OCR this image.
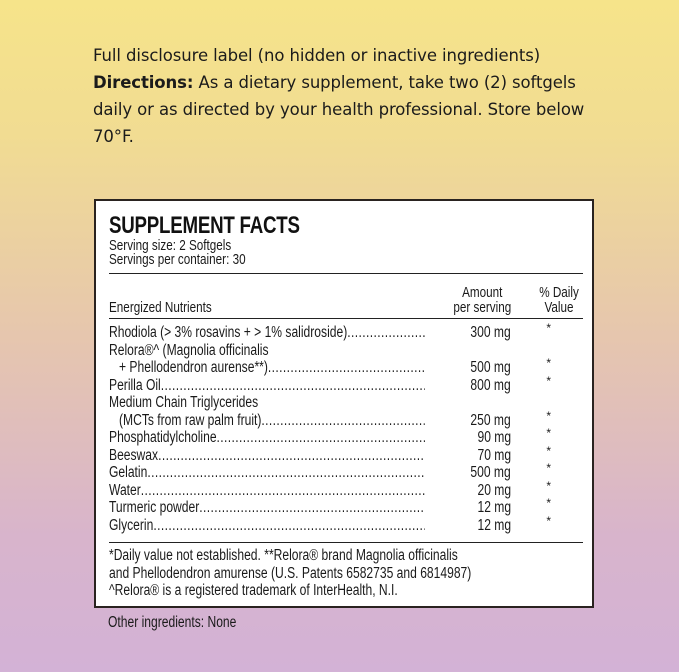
Full disclosure label (no hidden or inactive ingredients)

Directions: As a dietary supplement, take two (2) softgels daily or as directed by your health professional. Store below 70°F.

SUPPLEMENT FACTS
Serving size: 2 Softgels
Servings per container: 30
Energized Nutrients
Amount
per serving
% Daily
Value
Rhodiola (> 3% rosavins + > 1% salidroside) .....	300 mg	*
Relora®^ (Magnolia officinalis
+ Phellodendron aurense**) .....	500 mg	*
Perilla Oil .....	800 mg	*
Medium Chain Triglycerides
(MCTs from raw palm fruit) .....	250 mg	*
Phosphatidylcholine .....	90 mg	*
Beeswax .....	70 mg	*
Gelatin .....	500 mg	*
Water .....	20 mg	*
Turmeric powder .....	12 mg	*
Glycerin .....	12 mg	*
*Daily value not established. **Relora® brand Magnolia officinalis
and Phellodendron amurense (U.S. Patents 6582735 and 6814987)
^Relora® is a registered trademark of InterHealth, N.I.
Other ingredients: None
